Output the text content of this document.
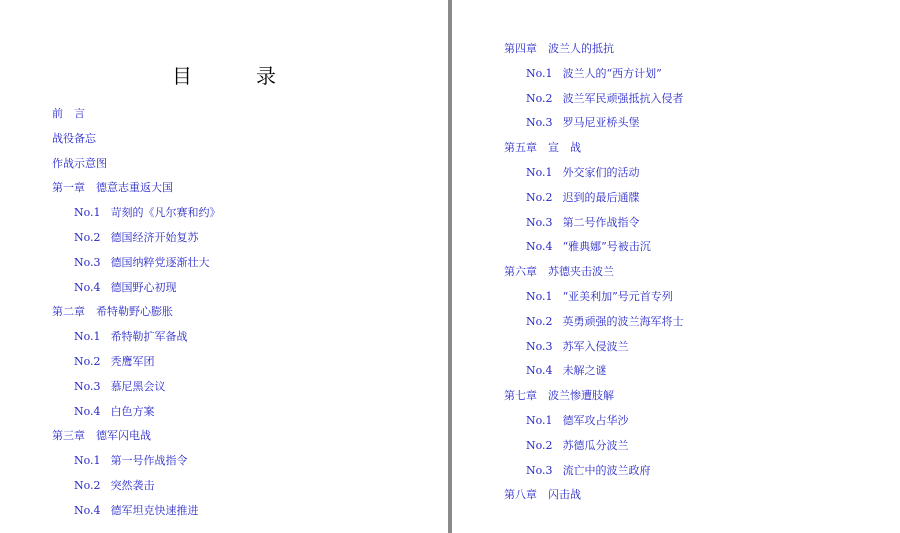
目　录
前　言
战役备忘
作战示意图
第一章　德意志重返大国
No.1 苛刻的《凡尔赛和约》
No.2 德国经济开始复苏
No.3 德国纳粹党逐渐壮大
No.4 德国野心初现
第二章　希特勒野心膨胀
No.1 希特勒扩军备战
No.2 秃鹰军团
No.3 慕尼黑会议
No.4 白色方案
第三章　德军闪电战
No.1 第一号作战指令
No.2 突然袭击
No.4 德军坦克快速推进
第四章　波兰人的抵抗
No.1 波兰人的“西方计划”
No.2 波兰军民顽强抵抗入侵者
No.3 罗马尼亚桥头堡
第五章　宣　战
No.1 外交家们的活动
No.2 迟到的最后通牒
No.3 第二号作战指令
No.4 “雅典娜”号被击沉
第六章　苏德夹击波兰
No.1 “亚美利加”号元首专列
No.2 英勇顽强的波兰海军将士
No.3 苏军入侵波兰
No.4 未解之谜
第七章　波兰惨遭肢解
No.1 德军攻占华沙
No.2 苏德瓜分波兰
No.3 流亡中的波兰政府
第八章　闪击战
